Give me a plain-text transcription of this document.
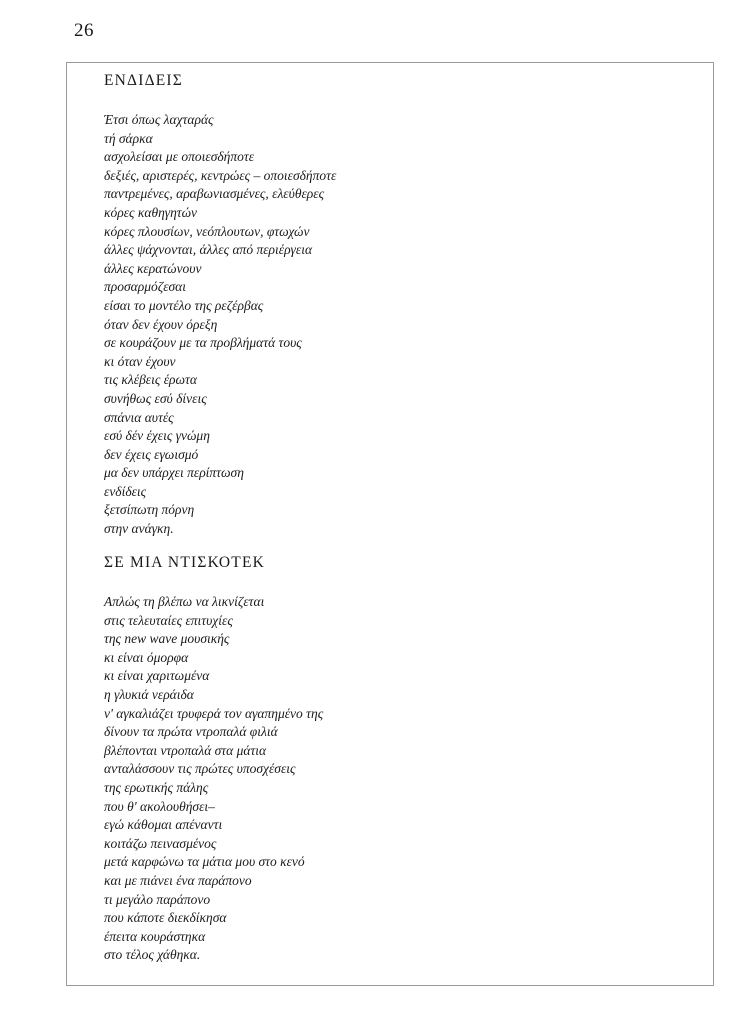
26
ΕΝΔΙΔΕΙΣ
Έτσι όπως λαχταράς
τή σάρκα
ασχολείσαι με οποιεσδήποτε
δεξιές, αριστερές, κεντρώες – οποιεσδήποτε
παντρεμένες, αραβωνιασμένες, ελεύθερες
κόρες καθηγητών
κόρες πλουσίων, νεόπλουτων, φτωχών
άλλες ψάχνονται, άλλες από περιέργεια
άλλες κερατώνουν
προσαρμόζεσαι
είσαι το μοντέλο της ρεζέρβας
όταν δεν έχουν όρεξη
σε κουράζουν με τα προβλήματά τους
κι όταν έχουν
τις κλέβεις έρωτα
συνήθως εσύ δίνεις
σπάνια αυτές
εσύ δέν έχεις γνώμη
δεν έχεις εγωισμό
μα δεν υπάρχει περίπτωση
ενδίδεις
ξετσίπωτη πόρνη
στην ανάγκη.
ΣΕ ΜΙΑ ΝΤΙΣΚΟΤΕΚ
Απλώς τη βλέπω να λικνίζεται
στις τελευταίες επιτυχίες
της new wave μουσικής
κι είναι όμορφα
κι είναι χαριτωμένα
η γλυκιά νεράιδα
ν' αγκαλιάζει τρυφερά τον αγαπημένο της
δίνουν τα πρώτα ντροπαλά φιλιά
βλέπονται ντροπαλά στα μάτια
ανταλάσσουν τις πρώτες υποσχέσεις
της ερωτικής πάλης
που θ' ακολουθήσει–
εγώ κάθομαι απέναντι
κοιτάζω πεινασμένος
μετά καρφώνω τα μάτια μου στο κενό
και με πιάνει ένα παράπονο
τι μεγάλο παράπονο
που κάποτε διεκδίκησα
έπειτα κουράστηκα
στο τέλος χάθηκα.
